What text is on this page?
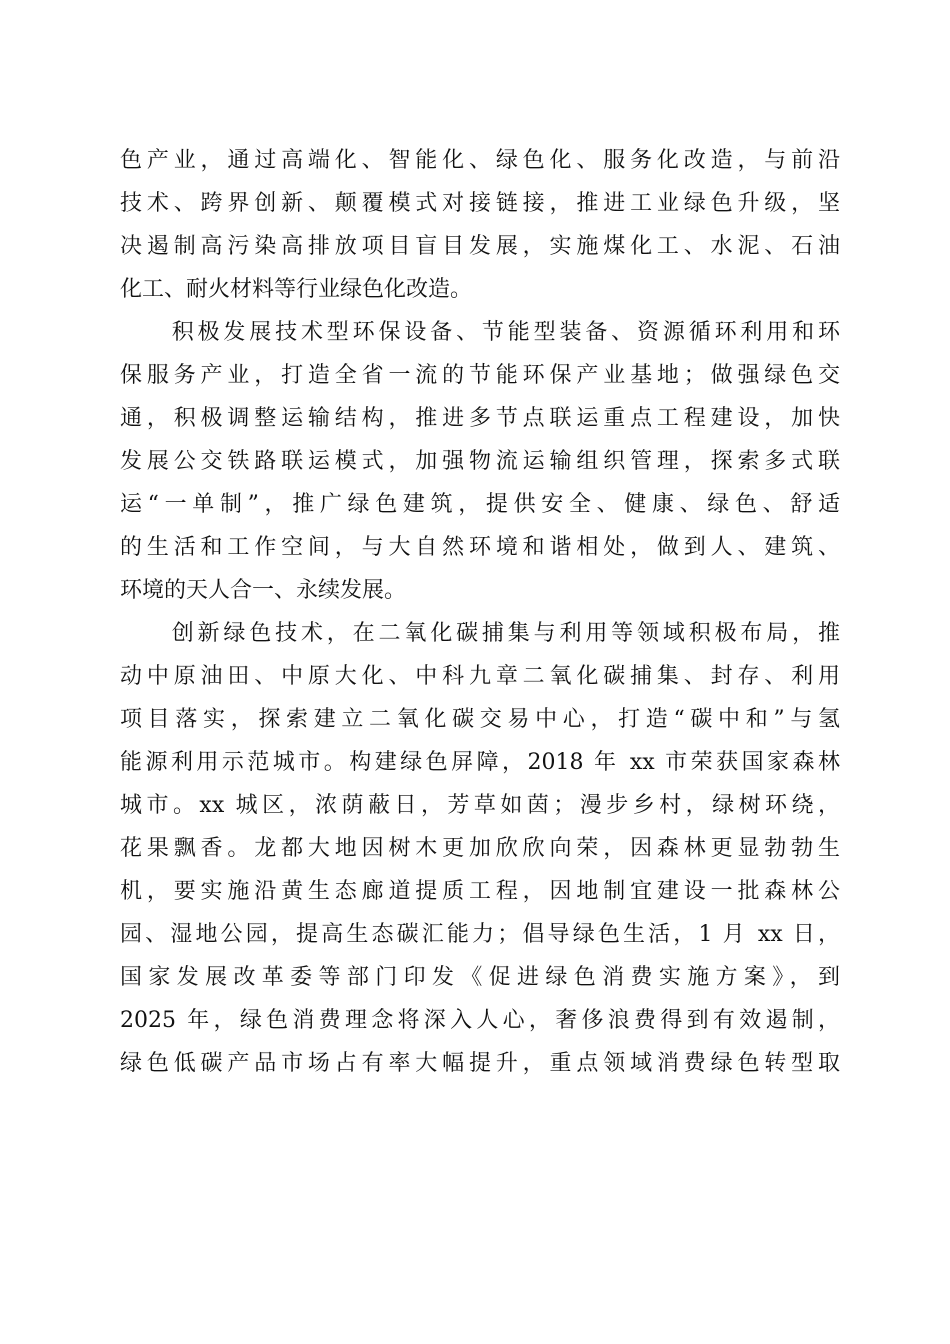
色产业，通过高端化、智能化、绿色化、服务化改造，与前沿
技术、跨界创新、颠覆模式对接链接，推进工业绿色升级，坚
决遏制高污染高排放项目盲目发展，实施煤化工、水泥、石油
化工、耐火材料等行业绿色化改造。
　　积极发展技术型环保设备、节能型装备、资源循环利用和环
保服务产业，打造全省一流的节能环保产业基地；做强绿色交
通，积极调整运输结构，推进多节点联运重点工程建设，加快
发展公交铁路联运模式，加强物流运输组织管理，探索多式联
运“一单制”，推广绿色建筑，提供安全、健康、绿色、舒适
的生活和工作空间，与大自然环境和谐相处，做到人、建筑、
环境的天人合一、永续发展。
　　创新绿色技术，在二氧化碳捕集与利用等领域积极布局，推
动中原油田、中原大化、中科九章二氧化碳捕集、封存、利用
项目落实，探索建立二氧化碳交易中心，打造“碳中和”与氢
能源利用示范城市。构建绿色屏障，2018 年 xx 市荣获国家森林
城市。xx 城区，浓荫蔽日，芳草如茵；漫步乡村，绿树环绕，
花果飘香。龙都大地因树木更加欣欣向荣，因森林更显勃勃生
机，要实施沿黄生态廊道提质工程，因地制宜建设一批森林公
园、湿地公园，提高生态碳汇能力；倡导绿色生活，1 月 xx 日，
国家发展改革委等部门印发《促进绿色消费实施方案》，到
2025 年，绿色消费理念将深入人心，奢侈浪费得到有效遏制，
绿色低碳产品市场占有率大幅提升，重点领域消费绿色转型取
